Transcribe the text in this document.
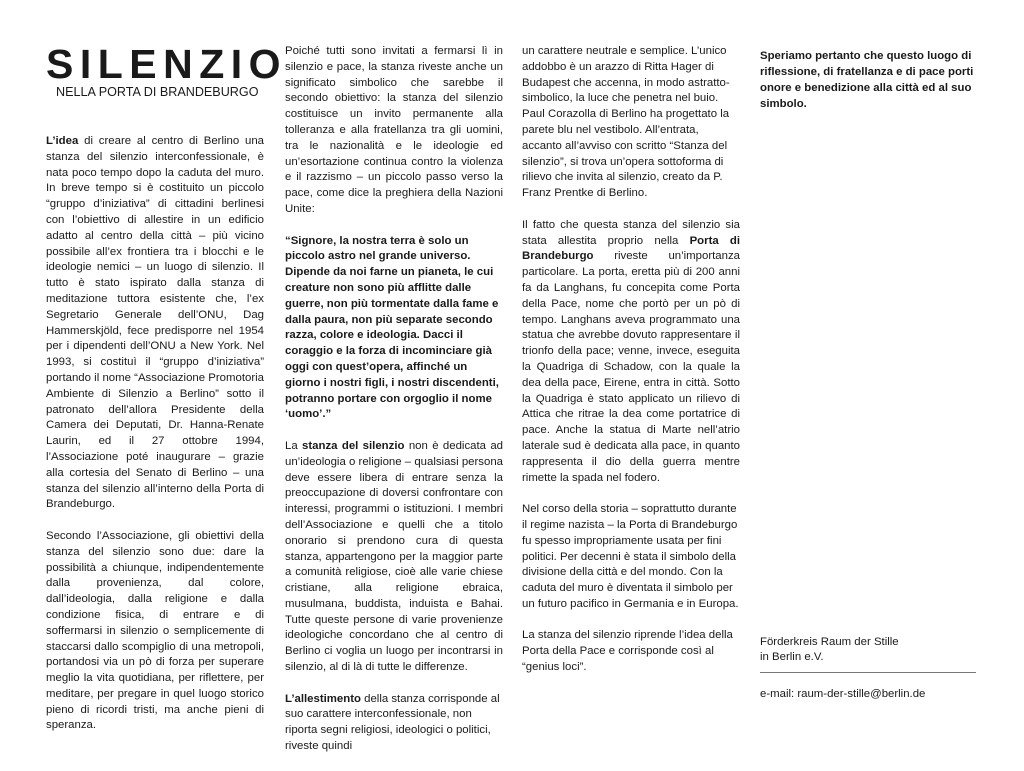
SILENZIO
NELLA PORTA DI BRANDEBURGO

L’idea di creare al centro di Berlino una stanza del silenzio interconfessionale, è nata poco tempo dopo la caduta del muro. In breve tempo si è costituito un piccolo “gruppo d’iniziativa” di cittadini berlinesi con l’obiettivo di allestire in un edificio adatto al centro della città – più vicino possibile all’ex frontiera tra i blocchi e le ideologie nemici – un luogo di silenzio. Il tutto è stato ispirato dalla stanza di meditazione tuttora esistente che, l’ex Segretario Generale dell’ONU, Dag Hammerskjöld, fece predisporre nel 1954 per i dipendenti dell’ONU a New York. Nel 1993, si costituì il “gruppo d’iniziativa” portando il nome “Associazione Promotoria Ambiente di Silenzio a Berlino” sotto il patronato dell’allora Presidente della Camera dei Deputati, Dr. Hanna-Renate Laurin, ed il 27 ottobre 1994, l’Associazione poté inaugurare – grazie alla cortesia del Senato di Berlino – una stanza del silenzio all’interno della Porta di Brandeburgo.

Secondo l’Associazione, gli obiettivi della stanza del silenzio sono due: dare la possibilità a chiunque, indipendentemente dalla provenienza, dal colore, dall’ideologia, dalla religione e dalla condizione fisica, di entrare e di soffermarsi in silenzio o semplicemente di staccarsi dallo scompiglio di una metropoli, portandosi via un pò di forza per superare meglio la vita quotidiana, per riflettere, per meditare, per pregare in quel luogo storico pieno di ricordi tristi, ma anche pieni di speranza.

Poiché tutti sono invitati a fermarsi lì in silenzio e pace, la stanza riveste anche un significato simbolico che sarebbe il secondo obiettivo: la stanza del silenzio costituisce un invito permanente alla tolleranza e alla fratellanza tra gli uomini, tra le nazionalità e le ideologie ed un’esortazione continua contro la violenza e il razzismo – un piccolo passo verso la pace, come dice la preghiera della Nazioni Unite:

“Signore, la nostra terra è solo un piccolo astro nel grande universo. Dipende da noi farne un pianeta, le cui creature non sono più afflitte dalle guerre, non più tormentate dalla fame e dalla paura, non più separate secondo razza, colore e ideologia. Dacci il coraggio e la forza di incominciare già oggi con quest’opera, affinché un giorno i nostri figli, i nostri discendenti, potranno portare con orgoglio il nome ‘uomo’.”

La stanza del silenzio non è dedicata ad un’ideologia o religione – qualsiasi persona deve essere libera di entrare senza la preoccupazione di doversi confrontare con interessi, programmi o istituzioni. I membri dell’Associazione e quelli che a titolo onorario si prendono cura di questa stanza, appartengono per la maggior parte a comunità religiose, cioè alle varie chiese cristiane, alla religione ebraica, musulmana, buddista, induista e Bahai. Tutte queste persone di varie provenienze ideologiche concordano che al centro di Berlino ci voglia un luogo per incontrarsi in silenzio, al di là di tutte le differenze.

L’allestimento della stanza corrisponde al suo carattere interconfessionale, non riporta segni religiosi, ideologici o politici, riveste quindi

un carattere neutrale e semplice. L’unico addobbo è un arazzo di Ritta Hager di Budapest che accenna, in modo astratto-simbolico, la luce che penetra nel buio. Paul Corazolla di Berlino ha progettato la parete blu nel vestibolo. All’entrata, accanto all’avviso con scritto “Stanza del silenzio”, si trova un’opera sottoforma di rilievo che invita al silenzio, creato da P. Franz Prentke di Berlino.

Il fatto che questa stanza del silenzio sia stata allestita proprio nella Porta di Brandeburgo riveste un’importanza particolare. La porta, eretta più di 200 anni fa da Langhans, fu concepita come Porta della Pace, nome che portò per un pò di tempo. Langhans aveva programmato una statua che avrebbe dovuto rappresentare il trionfo della pace; venne, invece, eseguita la Quadriga di Schadow, con la quale la dea della pace, Eirene, entra in città. Sotto la Quadriga è stato applicato un rilievo di Attica che ritrae la dea come portatrice di pace. Anche la statua di Marte nell’atrio laterale sud è dedicata alla pace, in quanto rappresenta il dio della guerra mentre rimette la spada nel fodero.

Nel corso della storia – soprattutto durante il regime nazista – la Porta di Brandeburgo fu spesso impropriamente usata per fini politici. Per decenni è stata il simbolo della divisione della città e del mondo. Con la caduta del muro è diventata il simbolo per un futuro pacifico in Germania e in Europa.

La stanza del silenzio riprende l’idea della Porta della Pace e corrisponde così al “genius loci”.

Speriamo pertanto che questo luogo di riflessione, di fratellanza e di pace porti onore e benedizione alla città ed al suo simbolo.

Förderkreis Raum der Stille

in Berlin e.V.

e-mail: raum-der-stille@berlin.de
